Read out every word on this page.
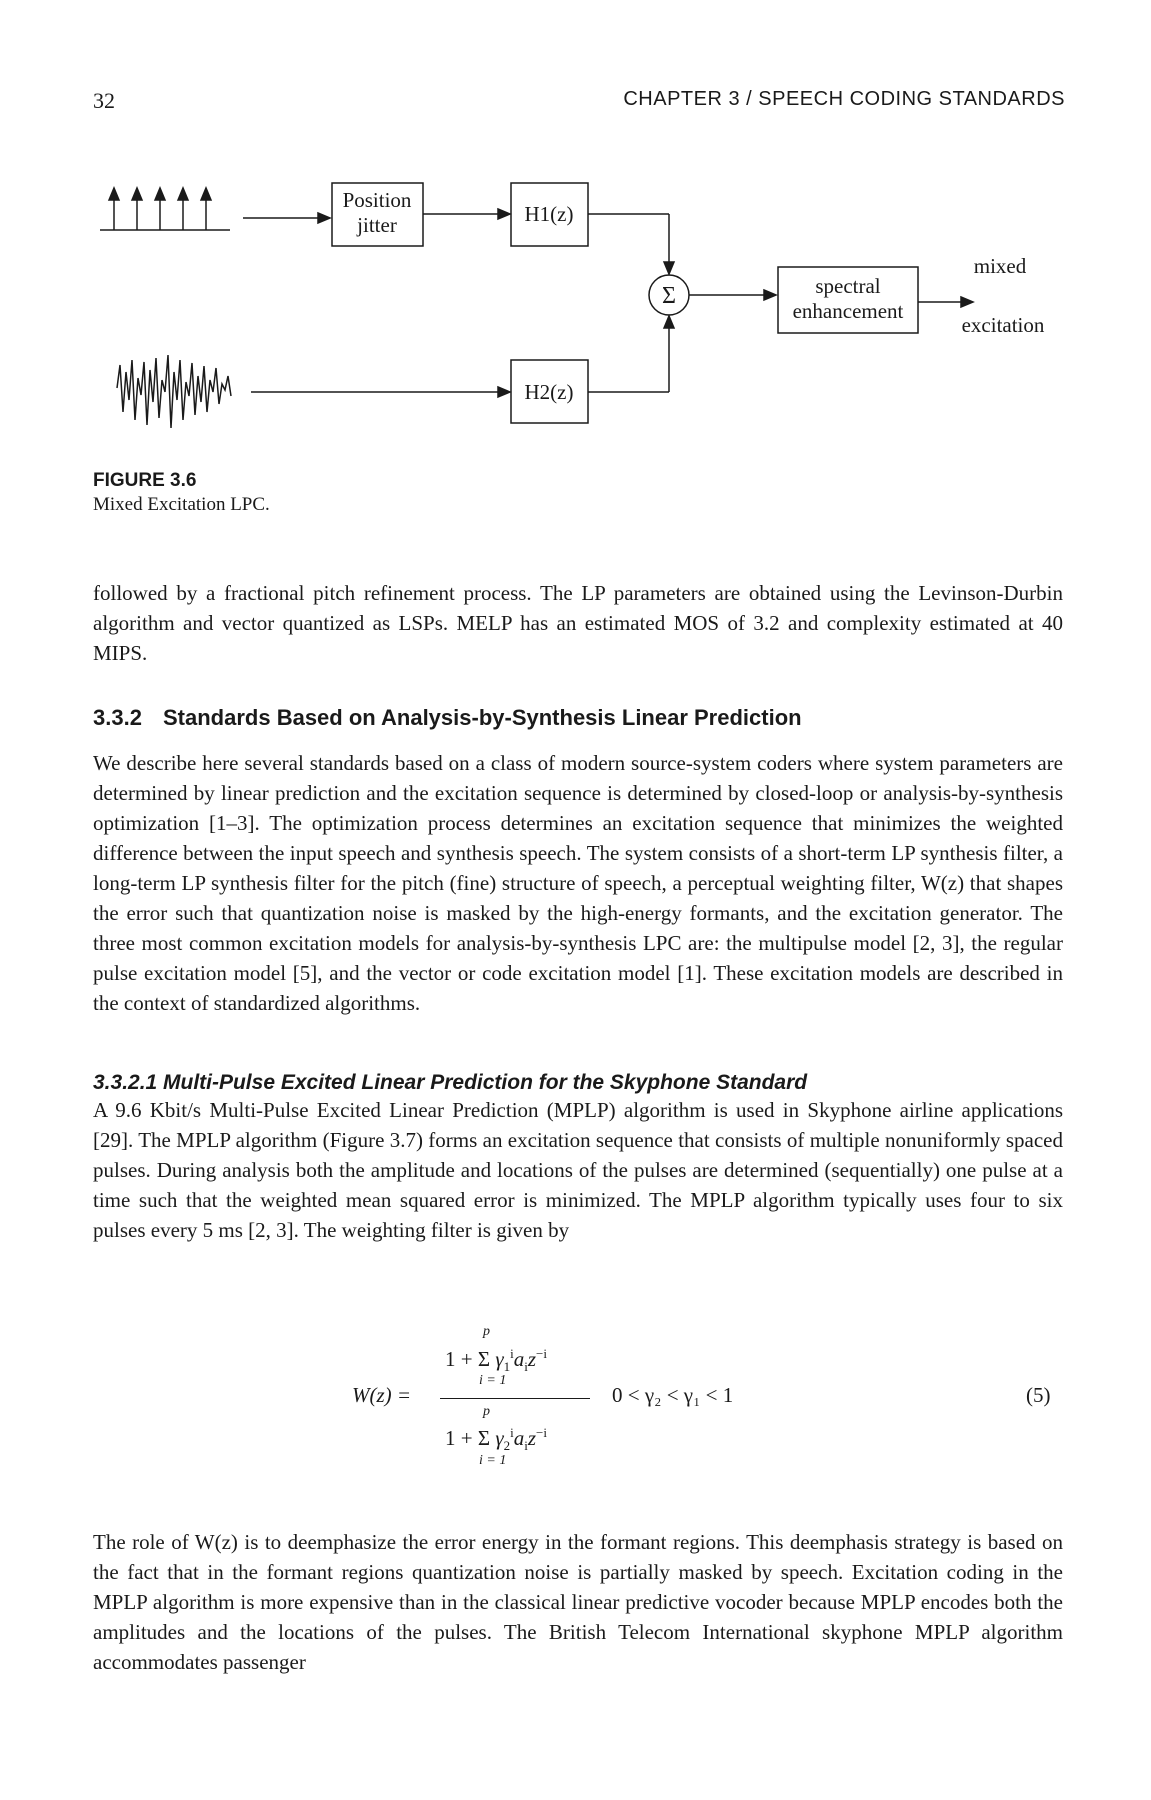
32	CHAPTER 3 / SPEECH CODING STANDARDS
Position
jitter	H1(z)
H2(z)
Σ	spectral
enhancement
mixed
excitation
FIGURE 3.6
Mixed Excitation LPC.

followed by a fractional pitch refinement process. The LP parameters are obtained using the Levinson-Durbin algorithm and vector quantized as LSPs. MELP has an estimated MOS of 3.2 and complexity estimated at 40 MIPS.

3.3.2 Standards Based on Analysis-by-Synthesis Linear Prediction

We describe here several standards based on a class of modern source-system coders where system parameters are determined by linear prediction and the excitation sequence is determined by closed-loop or analysis-by-synthesis optimization [1–3]. The optimization process determines an excitation sequence that minimizes the weighted difference between the input speech and synthesis speech. The system consists of a short-term LP synthesis filter, a long-term LP synthesis filter for the pitch (fine) structure of speech, a perceptual weighting filter, W(z) that shapes the error such that quantization noise is masked by the high-energy formants, and the excitation generator. The three most common excitation models for analysis-by-synthesis LPC are: the multipulse model [2, 3], the regular pulse excitation model [5], and the vector or code excitation model [1]. These excitation models are described in the context of standardized algorithms.

3.3.2.1 Multi-Pulse Excited Linear Prediction for the Skyphone Standard

A 9.6 Kbit/s Multi-Pulse Excited Linear Prediction (MPLP) algorithm is used in Skyphone airline applications [29]. The MPLP algorithm (Figure 3.7) forms an excitation sequence that consists of multiple nonuniformly spaced pulses. During analysis both the amplitude and locations of the pulses are determined (sequentially) one pulse at a time such that the weighted mean squared error is minimized. The MPLP algorithm typically uses four to six pulses every 5 ms [2, 3]. The weighting filter is given by

W(z) =
p
1 + Σ $\gamma_1^ia_iz^{-i}$
i = 1
p
1 + Σ $\gamma_2^ia_iz^{-i}$
i = 1
0 < γ₂ < γ₁ < 1	(5)

The role of W(z) is to deemphasize the error energy in the formant regions. This deemphasis strategy is based on the fact that in the formant regions quantization noise is partially masked by speech. Excitation coding in the MPLP algorithm is more expensive than in the classical linear predictive vocoder because MPLP encodes both the amplitudes and the locations of the pulses. The British Telecom International skyphone MPLP algorithm accommodates passenger
